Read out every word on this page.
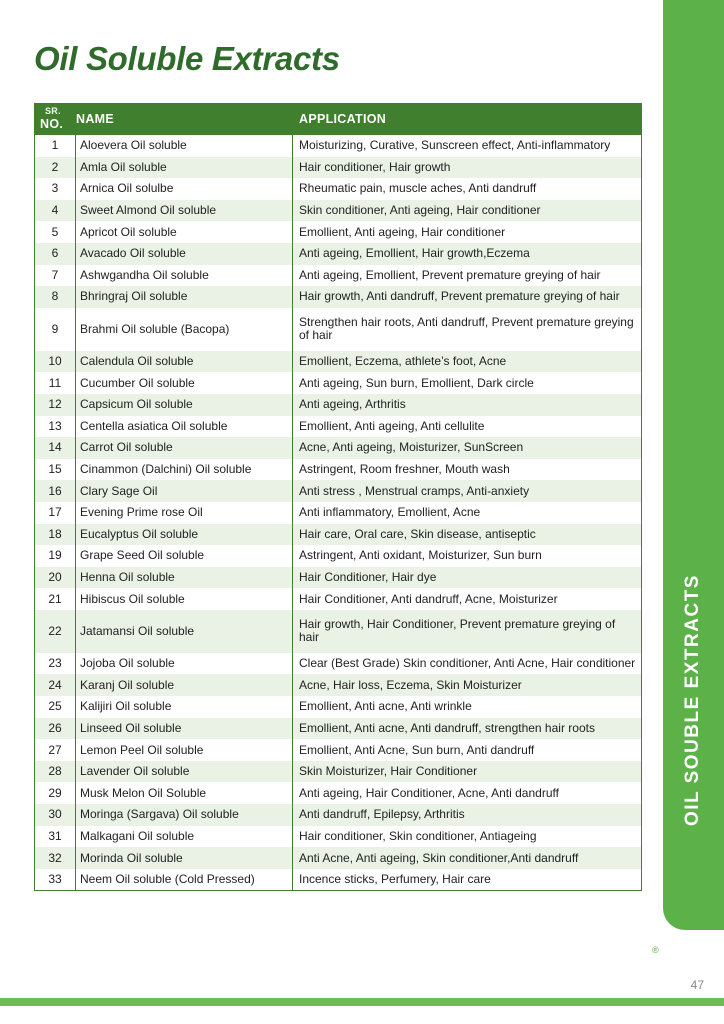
Oil Soluble Extracts
OIL SOUBLE EXTRACTS
SR.
NO.	NAME	APPLICATION
1	Aloevera Oil soluble	Moisturizing, Curative, Sunscreen effect, Anti-inflammatory
2	Amla Oil soluble	Hair conditioner, Hair growth
3	Arnica Oil solulbe	Rheumatic pain, muscle aches, Anti dandruff
4	Sweet Almond Oil soluble	Skin conditioner, Anti ageing, Hair conditioner
5	Apricot Oil soluble	Emollient, Anti ageing, Hair conditioner
6	Avacado Oil soluble	Anti ageing, Emollient, Hair growth,Eczema
7	Ashwgandha Oil soluble	Anti ageing, Emollient, Prevent premature greying of hair
8	Bhringraj Oil soluble	Hair growth, Anti dandruff, Prevent premature greying of hair
9	Brahmi Oil soluble (Bacopa)	Strengthen hair roots, Anti dandruff, Prevent premature greying of hair
10	Calendula Oil soluble	Emollient, Eczema, athlete’s foot, Acne
11	Cucumber Oil soluble	Anti ageing, Sun burn, Emollient, Dark circle
12	Capsicum Oil soluble	Anti ageing, Arthritis
13	Centella asiatica Oil soluble	Emollient, Anti ageing, Anti cellulite
14	Carrot Oil soluble	Acne, Anti ageing, Moisturizer, SunScreen
15	Cinammon (Dalchini) Oil soluble	Astringent, Room freshner, Mouth wash
16	Clary Sage Oil	Anti stress , Menstrual cramps, Anti-anxiety
17	Evening Prime rose Oil	Anti inflammatory, Emollient, Acne
18	Eucalyptus Oil soluble	Hair care, Oral care, Skin disease, antiseptic
19	Grape Seed Oil soluble	Astringent, Anti oxidant, Moisturizer, Sun burn
20	Henna Oil soluble	Hair Conditioner, Hair dye
21	Hibiscus Oil soluble	Hair Conditioner, Anti dandruff, Acne, Moisturizer
22	Jatamansi Oil soluble	Hair growth, Hair Conditioner, Prevent premature greying of hair
23	Jojoba Oil soluble	Clear (Best Grade) Skin conditioner, Anti Acne, Hair conditioner
24	Karanj Oil soluble	Acne, Hair loss, Eczema, Skin Moisturizer
25	Kalijiri Oil soluble	Emollient, Anti acne, Anti wrinkle
26	Linseed Oil soluble	Emollient, Anti acne, Anti dandruff, strengthen hair roots
27	Lemon Peel Oil soluble	Emollient, Anti Acne, Sun burn, Anti dandruff
28	Lavender Oil soluble	Skin Moisturizer, Hair Conditioner
29	Musk Melon Oil Soluble	Anti ageing, Hair Conditioner, Acne, Anti dandruff
30	Moringa (Sargava) Oil soluble	Anti dandruff, Epilepsy, Arthritis
31	Malkagani Oil soluble	Hair conditioner, Skin conditioner, Antiageing
32	Morinda Oil soluble	Anti Acne, Anti ageing, Skin conditioner,Anti dandruff
33	Neem Oil soluble (Cold Pressed)	Incence sticks, Perfumery, Hair care
®
47
